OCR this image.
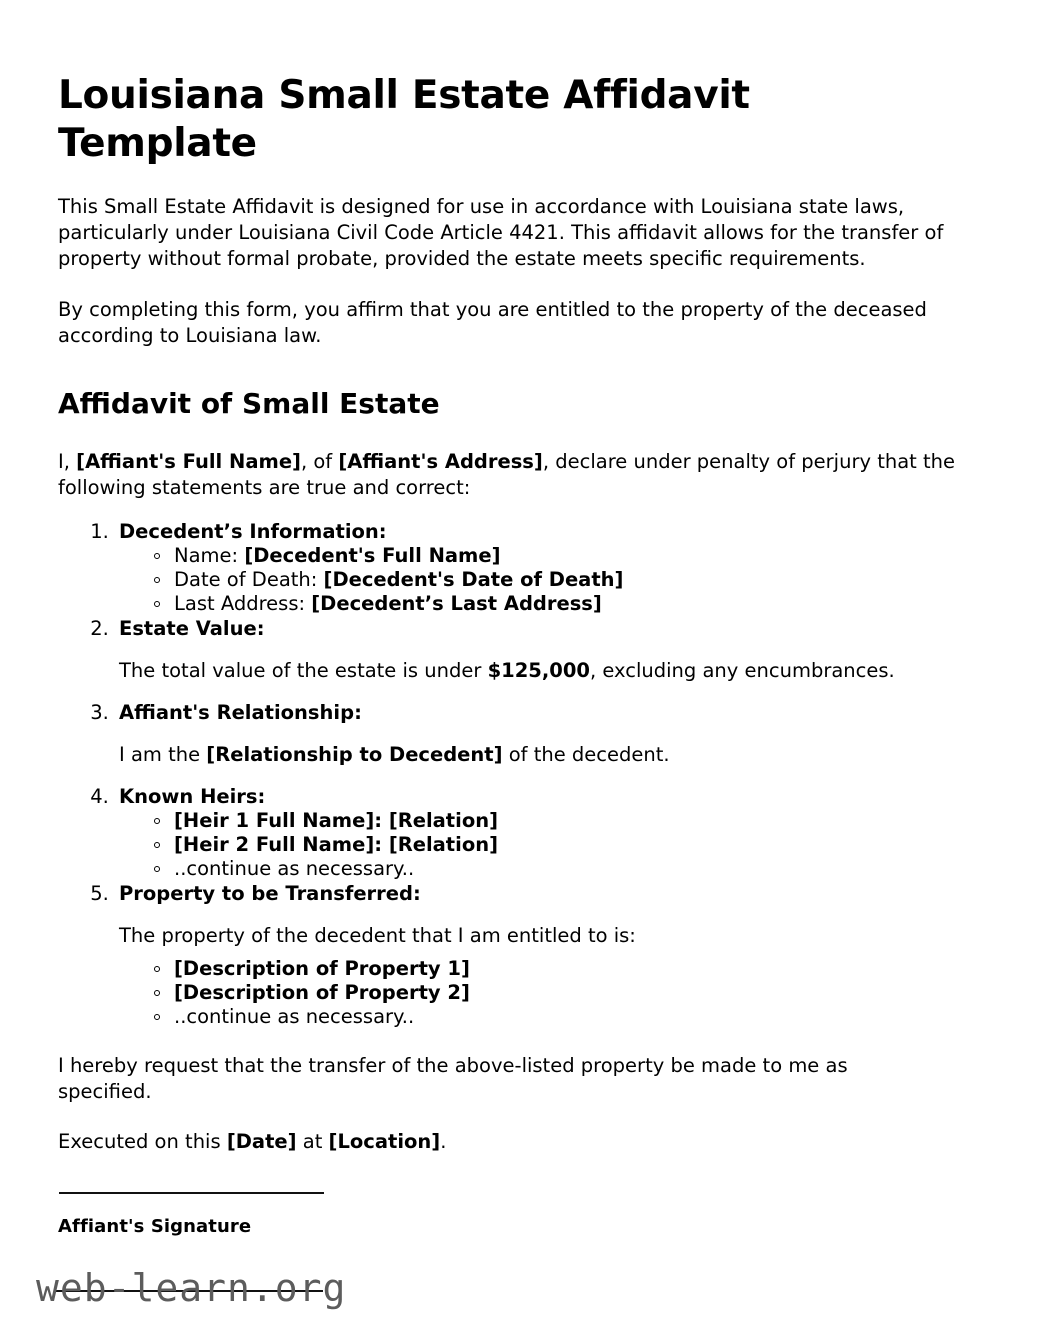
Louisiana Small Estate Affidavit Template

This Small Estate Affidavit is designed for use in accordance with Louisiana state laws, particularly under Louisiana Civil Code Article 4421. This affidavit allows for the transfer of property without formal probate, provided the estate meets specific requirements.

By completing this form, you affirm that you are entitled to the property of the deceased according to Louisiana law.

Affidavit of Small Estate

I, [Affiant's Full Name], of [Affiant's Address], declare under penalty of perjury that the following statements are true and correct:

1. Decedent’s Information:
Name: [Decedent's Full Name]
Date of Death: [Decedent's Date of Death]
Last Address: [Decedent’s Last Address]
2. Estate Value:
The total value of the estate is under $125,000, excluding any encumbrances.
3. Affiant's Relationship:
I am the [Relationship to Decedent] of the decedent.
4. Known Heirs:
[Heir 1 Full Name]: [Relation]
[Heir 2 Full Name]: [Relation]
..continue as necessary..
5. Property to be Transferred:
The property of the decedent that I am entitled to is:
[Description of Property 1]
[Description of Property 2]
..continue as necessary..

I hereby request that the transfer of the above-listed property be made to me as specified.

Executed on this [Date] at [Location].

Affiant's Signature
web-learn.org
